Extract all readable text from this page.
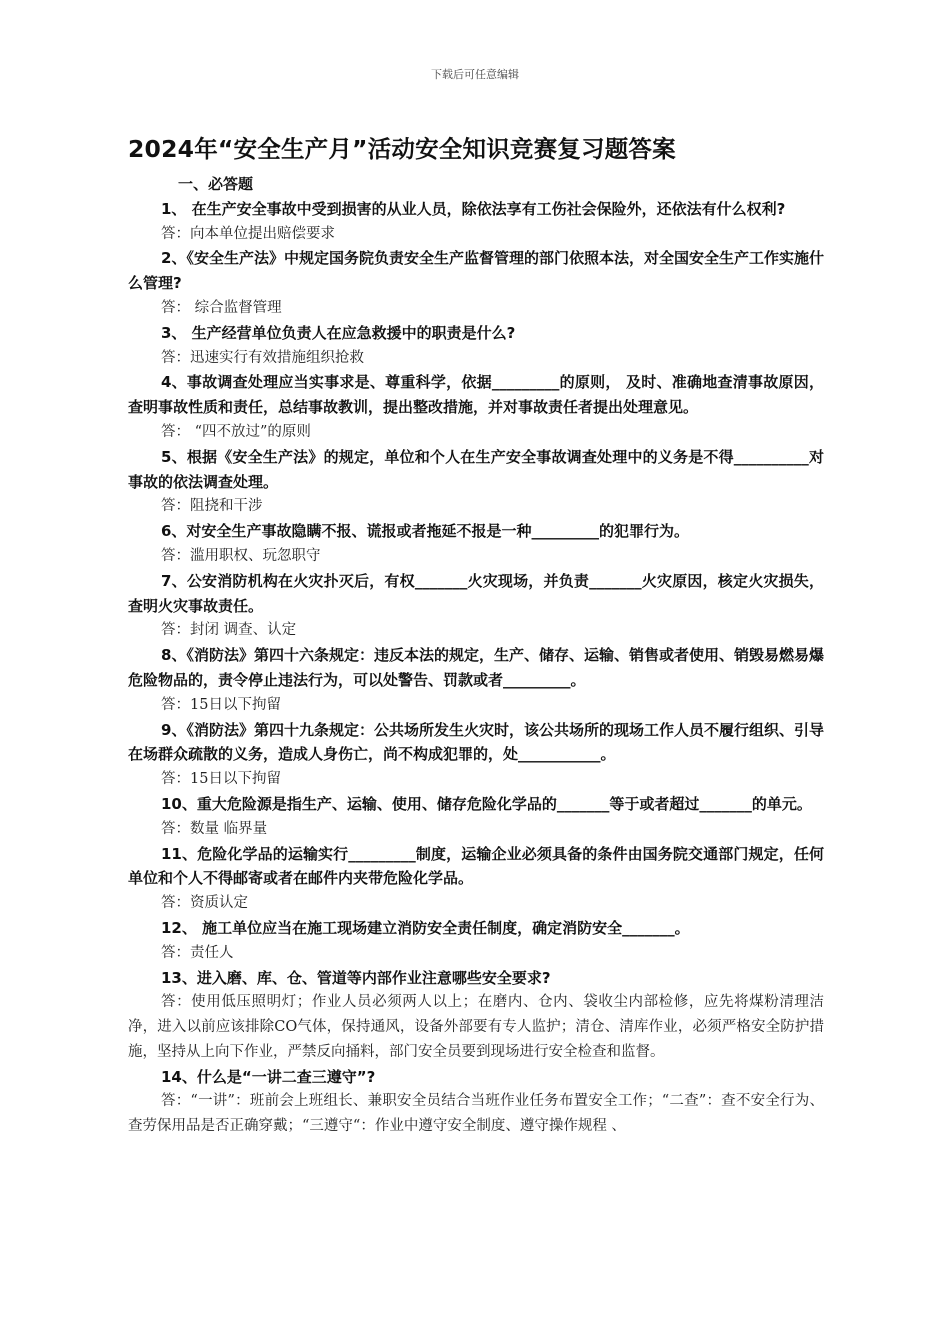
下载后可任意编辑
2024年“安全生产月”活动安全知识竞赛复习题答案
一、必答题

1、 在生产安全事故中受到损害的从业人员，除依法享有工伤社会保险外，还依法有什么权利?

答：向本单位提出赔偿要求

2、《安全生产法》中规定国务院负责安全生产监督管理的部门依照本法，对全国安全生产工作实施什么管理?

答： 综合监督管理

3、 生产经营单位负责人在应急救援中的职责是什么?

答：迅速实行有效措施组织抢救

4、事故调查处理应当实事求是、尊重科学，依据_________的原则， 及时、准确地查清事故原因，查明事故性质和责任，总结事故教训，提出整改措施，并对事故责任者提出处理意见。

答： “四不放过”的原则

5、根据《安全生产法》的规定，单位和个人在生产安全事故调查处理中的义务是不得__________对事故的依法调查处理。

答：阻挠和干涉

6、对安全生产事故隐瞒不报、谎报或者拖延不报是一种_________的犯罪行为。

答：滥用职权、玩忽职守

7、公安消防机构在火灾扑灭后，有权_______火灾现场，并负责_______火灾原因，核定火灾损失，查明火灾事故责任。

答：封闭 调查、认定

8、《消防法》第四十六条规定：违反本法的规定，生产、储存、运输、销售或者使用、销毁易燃易爆危险物品的，责令停止违法行为，可以处警告、罚款或者_________。

答：15日以下拘留

9、《消防法》第四十九条规定：公共场所发生火灾时，该公共场所的现场工作人员不履行组织、引导在场群众疏散的义务，造成人身伤亡，尚不构成犯罪的，处___________。

答：15日以下拘留

10、重大危险源是指生产、运输、使用、储存危险化学品的_______等于或者超过_______的单元。

答：数量 临界量

11、危险化学品的运输实行_________制度，运输企业必须具备的条件由国务院交通部门规定，任何单位和个人不得邮寄或者在邮件内夹带危险化学品。

答：资质认定

12、 施工单位应当在施工现场建立消防安全责任制度，确定消防安全_______。

答：责任人

13、进入磨、库、仓、管道等内部作业注意哪些安全要求?

答：使用低压照明灯；作业人员必须两人以上；在磨内、仓内、袋收尘内部检修，应先将煤粉清理洁净，进入以前应该排除CO气体，保持通风，设备外部要有专人监护；清仓、清库作业，必须严格安全防护措施，坚持从上向下作业，严禁反向捅料，部门安全员要到现场进行安全检查和监督。

14、什么是“一讲二查三遵守”?

答：“一讲”：班前会上班组长、兼职安全员结合当班作业任务布置安全工作；“二查”：查不安全行为、查劳保用品是否正确穿戴；“三遵守“：作业中遵守安全制度、遵守操作规程 、
